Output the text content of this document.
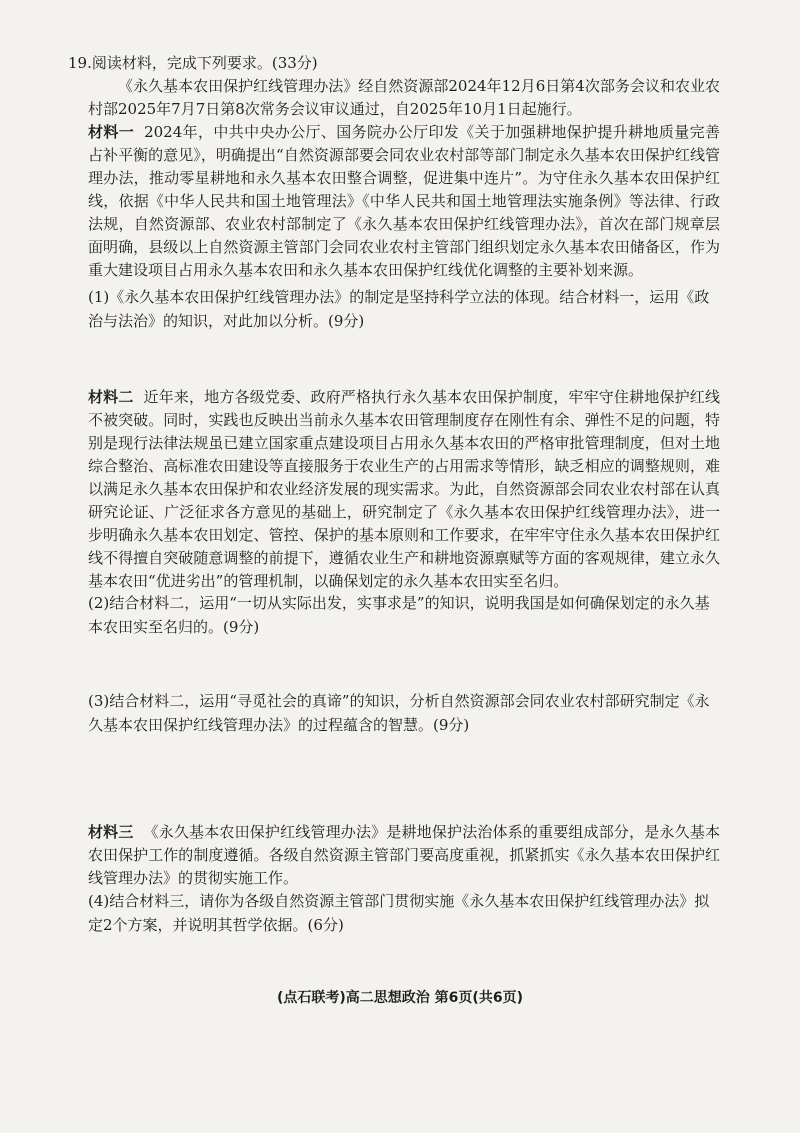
19.阅读材料，完成下列要求。(33分)

《永久基本农田保护红线管理办法》经自然资源部2024年12月6日第4次部务会议和农业农村部2025年7月7日第8次常务会议审议通过，自2025年10月1日起施行。

材料一 2024年，中共中央办公厅、国务院办公厅印发《关于加强耕地保护提升耕地质量完善占补平衡的意见》，明确提出“自然资源部要会同农业农村部等部门制定永久基本农田保护红线管理办法，推动零星耕地和永久基本农田整合调整，促进集中连片”。为守住永久基本农田保护红线，依据《中华人民共和国土地管理法》《中华人民共和国土地管理法实施条例》等法律、行政法规，自然资源部、农业农村部制定了《永久基本农田保护红线管理办法》，首次在部门规章层面明确，县级以上自然资源主管部门会同农业农村主管部门组织划定永久基本农田储备区，作为重大建设项目占用永久基本农田和永久基本农田保护红线优化调整的主要补划来源。

(1)《永久基本农田保护红线管理办法》的制定是坚持科学立法的体现。结合材料一，运用《政治与法治》的知识，对此加以分析。(9分)

材料二 近年来，地方各级党委、政府严格执行永久基本农田保护制度，牢牢守住耕地保护红线不被突破。同时，实践也反映出当前永久基本农田管理制度存在刚性有余、弹性不足的问题，特别是现行法律法规虽已建立国家重点建设项目占用永久基本农田的严格审批管理制度，但对土地综合整治、高标准农田建设等直接服务于农业生产的占用需求等情形，缺乏相应的调整规则，难以满足永久基本农田保护和农业经济发展的现实需求。为此，自然资源部会同农业农村部在认真研究论证、广泛征求各方意见的基础上，研究制定了《永久基本农田保护红线管理办法》，进一步明确永久基本农田划定、管控、保护的基本原则和工作要求，在牢牢守住永久基本农田保护红线不得擅自突破随意调整的前提下，遵循农业生产和耕地资源禀赋等方面的客观规律，建立永久基本农田“优进劣出”的管理机制，以确保划定的永久基本农田实至名归。

(2)结合材料二，运用“一切从实际出发，实事求是”的知识，说明我国是如何确保划定的永久基本农田实至名归的。(9分)

(3)结合材料二，运用“寻觅社会的真谛”的知识，分析自然资源部会同农业农村部研究制定《永久基本农田保护红线管理办法》的过程蕴含的智慧。(9分)

材料三 《永久基本农田保护红线管理办法》是耕地保护法治体系的重要组成部分，是永久基本农田保护工作的制度遵循。各级自然资源主管部门要高度重视，抓紧抓实《永久基本农田保护红线管理办法》的贯彻实施工作。

(4)结合材料三，请你为各级自然资源主管部门贯彻实施《永久基本农田保护红线管理办法》拟定2个方案，并说明其哲学依据。(6分)

(点石联考)高二思想政治 第6页(共6页)
